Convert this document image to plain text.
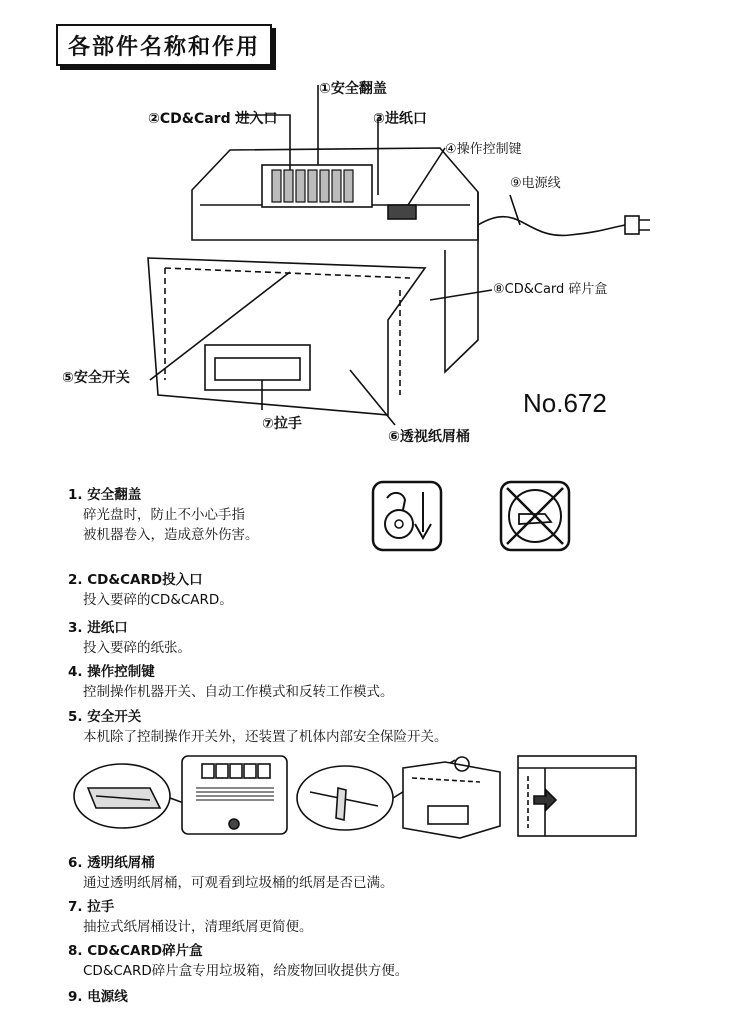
各部件名称和作用
①安全翻盖
②CD&Card 进入口	③进纸口
④操作控制键
⑨电源线
⑧CD&Card 碎片盒
⑤安全开关
⑦拉手
⑥透视纸屑桶
No.672
1. 安全翻盖
碎光盘时，防止不小心手指
被机器卷入，造成意外伤害。
2. CD&CARD投入口
投入要碎的CD&CARD。
3. 进纸口
投入要碎的纸张。
4. 操作控制键
控制操作机器开关、自动工作模式和反转工作模式。
5. 安全开关
本机除了控制操作开关外，还装置了机体内部安全保险开关。
6. 透明纸屑桶
通过透明纸屑桶，可观看到垃圾桶的纸屑是否已满。
7. 拉手
抽拉式纸屑桶设计，清理纸屑更简便。
8. CD&CARD碎片盒
CD&CARD碎片盒专用垃圾箱，给废物回收提供方便。
9. 电源线
